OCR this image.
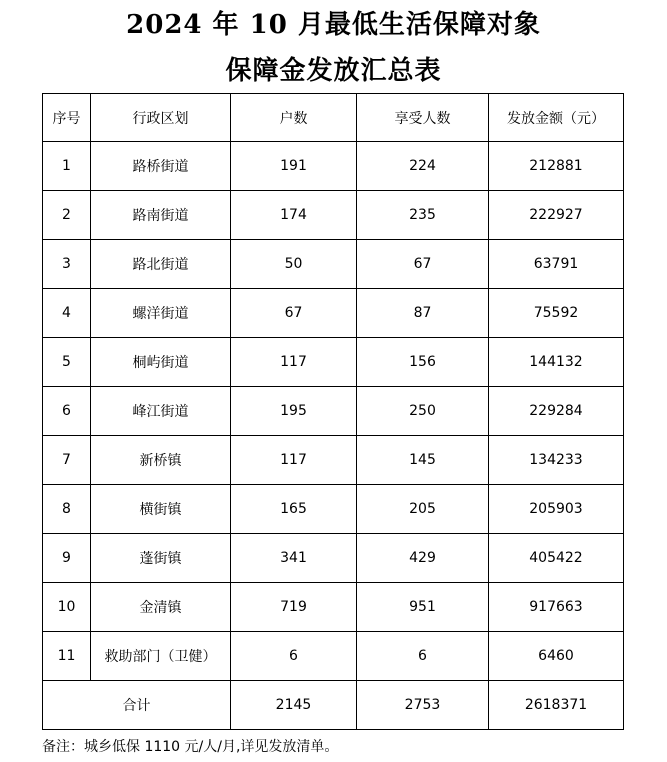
2024 年 10 月最低生活保障对象
保障金发放汇总表
序号	行政区划	户数	享受人数	发放金额（元）
1	路桥街道	191	224	212881
2	路南街道	174	235	222927
3	路北街道	50	67	63791
4	螺洋街道	67	87	75592
5	桐屿街道	117	156	144132
6	峰江街道	195	250	229284
7	新桥镇	117	145	134233
8	横街镇	165	205	205903
9	蓬街镇	341	429	405422
10	金清镇	719	951	917663
11	救助部门（卫健）	6	6	6460
合计		2145	2753	2618371
备注：城乡低保 1110 元/人/月,详见发放清单。
